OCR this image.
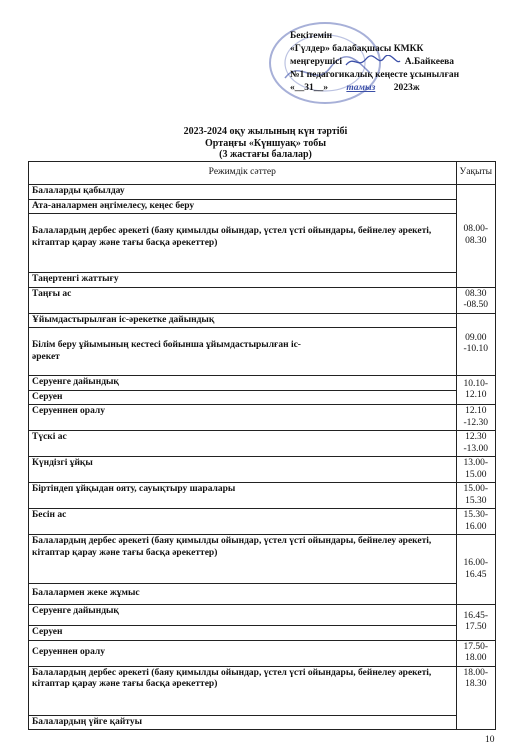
Бекітемін
«Гүлдер» балабақшасы КМКК
меңгерушісі	А.Байкеева
№1 педагогикалық кеңесте ұсынылған
«__31__» тамыз 2023ж
2023-2024 оқу жылының күн тәртібі
Ортаңғы «Күншуақ» тобы
(3 жастағы балалар)
Режимдік сәттер	Уақыты
Балаларды қабылдау	08.00-08.30
Ата-аналармен әңгімелесу, кеңес беру	
Балалардың дербес әрекеті (баяу қимылды ойындар, үстел үсті ойындары, бейнелеу әрекеті, кітаптар қарау және тағы басқа әрекеттер)	
Таңертенгі жаттығу	
Таңғы ас	08.30 -08.50
Ұйымдастырылған іс-әрекетке дайындық	09.00 -10.10
Білім беру ұйымының кестесі бойынша ұйымдастырылған іс-әрекет	
Серуенге дайындық	10.10-12.10
Серуен	
Серуеннен оралу	12.10 -12.30
Түскі ас	12.30 -13.00
Күндізгі ұйқы	13.00-15.00
Біртіндеп ұйқыдан ояту, сауықтыру шаралары	15.00-15.30
Бесін ас	15.30-16.00
Балалардың дербес әрекеті (баяу қимылды ойындар, үстел үсті ойындары, бейнелеу әрекеті, кітаптар қарау және тағы басқа әрекеттер)	16.00-16.45
Балалармен жеке жұмыс	
Серуенге дайындық	16.45-17.50
Серуен	
Серуеннен оралу	17.50-18.00
Балалардың дербес әрекеті (баяу қимылды ойындар, үстел үсті ойындары, бейнелеу әрекеті, кітаптар қарау және тағы басқа әрекеттер)	18.00-18.30
Балалардың үйге қайтуы	
10
